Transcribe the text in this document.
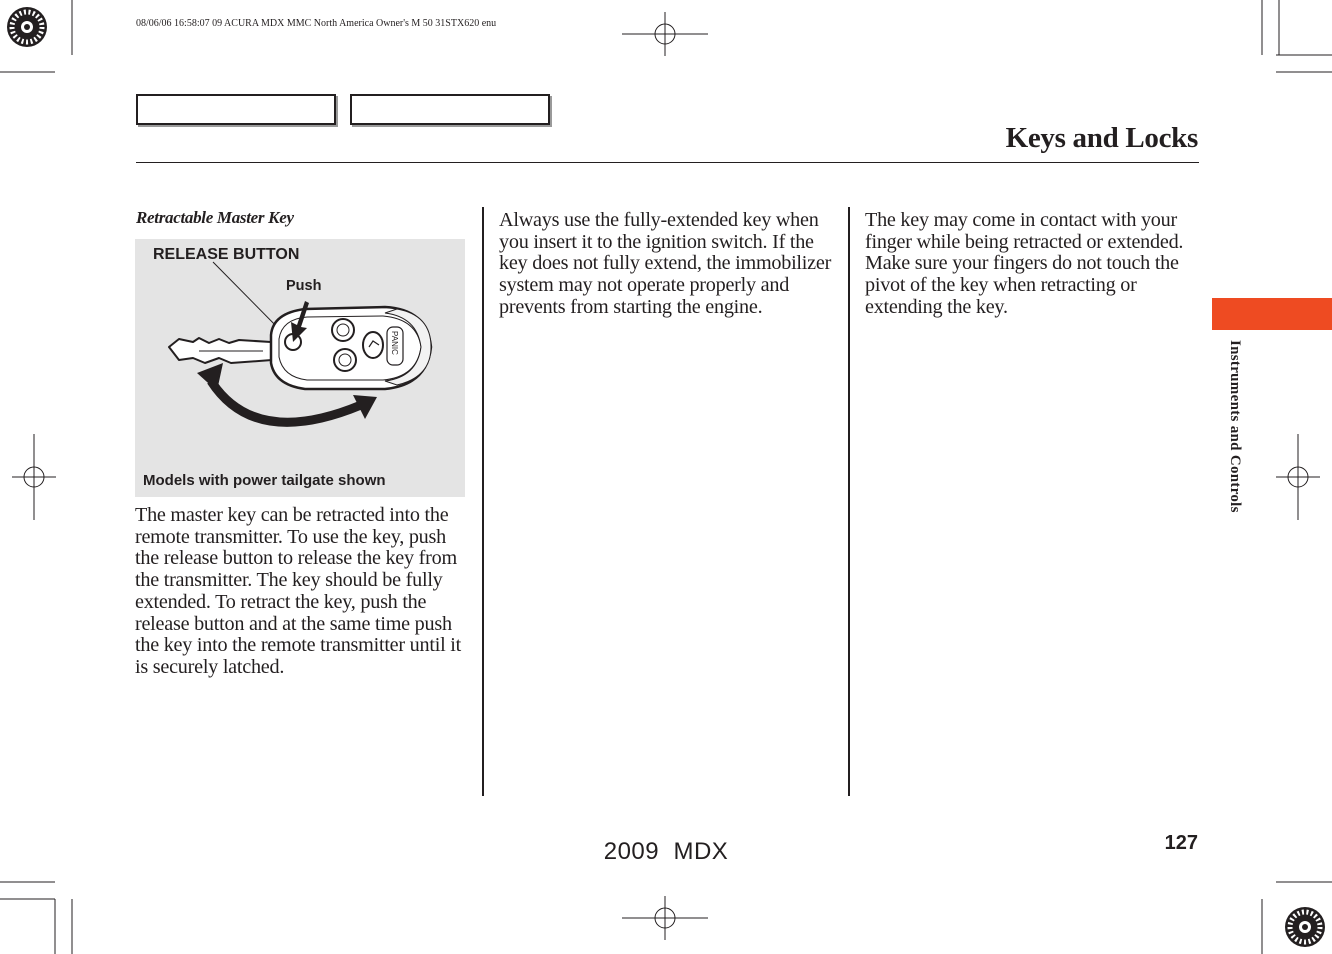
08/06/06 16:58:07 09 ACURA MDX MMC North America Owner's M 50 31STX620 enu
Keys and Locks
Retractable Master Key
PANIC
RELEASE BUTTON
Push
Models with power tailgate shown
The master key can be retracted into the remote transmitter. To use the key, push the release button to release the key from the transmitter. The key should be fully extended. To retract the key, push the release button and at the same time push the key into the remote transmitter until it is securely latched.
Always use the fully-extended key when you insert it to the ignition switch. If the key does not fully extend, the immobilizer system may not operate properly and prevents from starting the engine.
The key may come in contact with your finger while being retracted or extended. Make sure your fingers do not touch the pivot of the key when retracting or extending the key.
Instruments and Controls
127
2009  MDX
